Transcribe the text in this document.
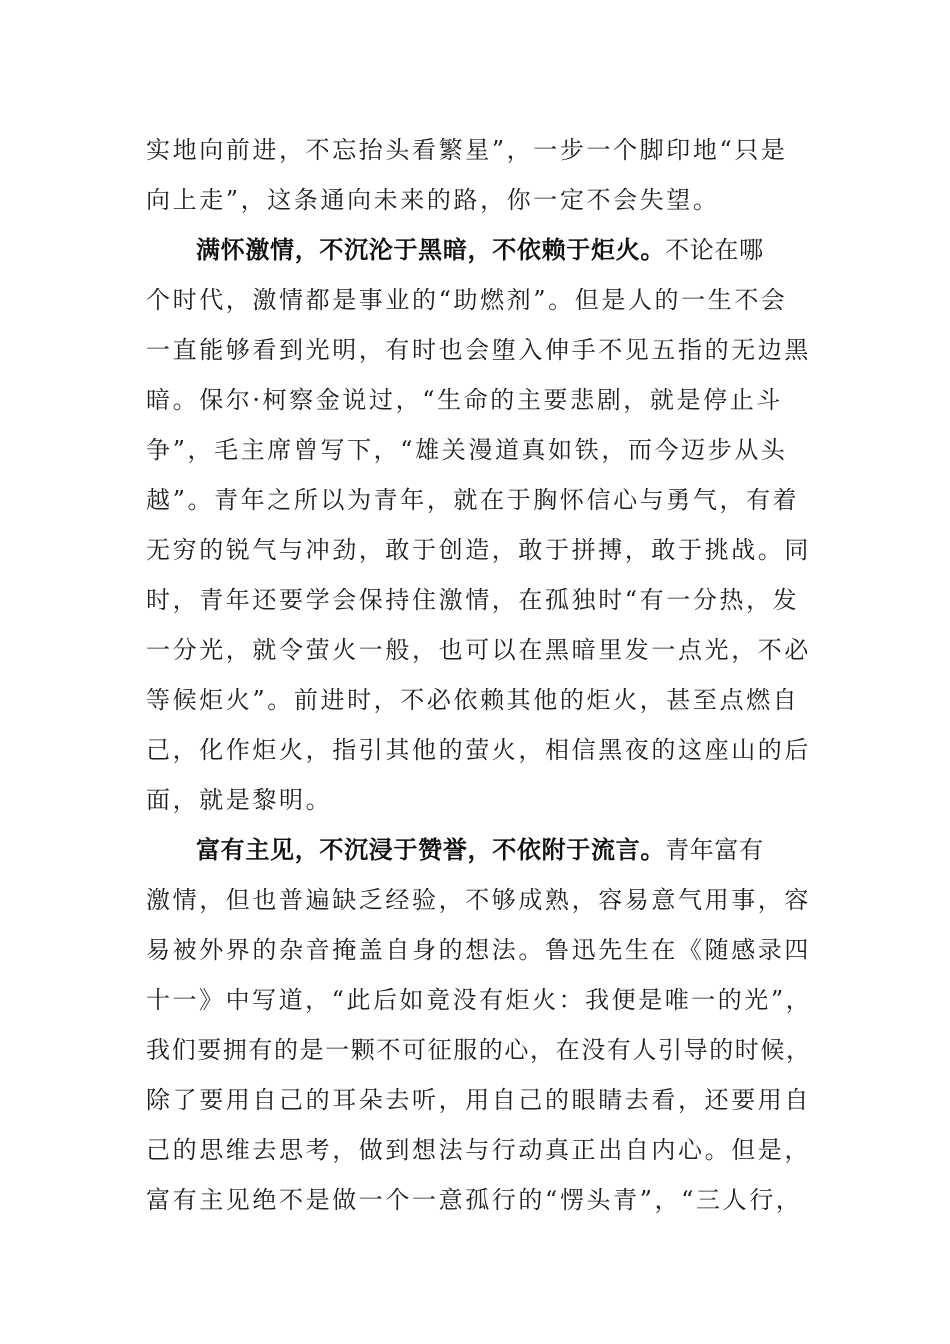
实地向前进，不忘抬头看繁星”，一步一个脚印地“只是
向上走”，这条通向未来的路，你一定不会失望。
满怀激情，不沉沦于黑暗，不依赖于炬火。不论在哪
个时代，激情都是事业的“助燃剂”。但是人的一生不会
一直能够看到光明，有时也会堕入伸手不见五指的无边黑
暗。保尔·柯察金说过，“生命的主要悲剧，就是停止斗
争”，毛主席曾写下，“雄关漫道真如铁，而今迈步从头
越”。青年之所以为青年，就在于胸怀信心与勇气，有着
无穷的锐气与冲劲，敢于创造，敢于拼搏，敢于挑战。同
时，青年还要学会保持住激情，在孤独时“有一分热，发
一分光，就令萤火一般，也可以在黑暗里发一点光，不必
等候炬火”。前进时，不必依赖其他的炬火，甚至点燃自
己，化作炬火，指引其他的萤火，相信黑夜的这座山的后
面，就是黎明。
富有主见，不沉浸于赞誉，不依附于流言。青年富有
激情，但也普遍缺乏经验，不够成熟，容易意气用事，容
易被外界的杂音掩盖自身的想法。鲁迅先生在《随感录四
十一》中写道，“此后如竟没有炬火：我便是唯一的光”，
我们要拥有的是一颗不可征服的心，在没有人引导的时候，
除了要用自己的耳朵去听，用自己的眼睛去看，还要用自
己的思维去思考，做到想法与行动真正出自内心。但是，
富有主见绝不是做一个一意孤行的“愣头青”，“三人行，
